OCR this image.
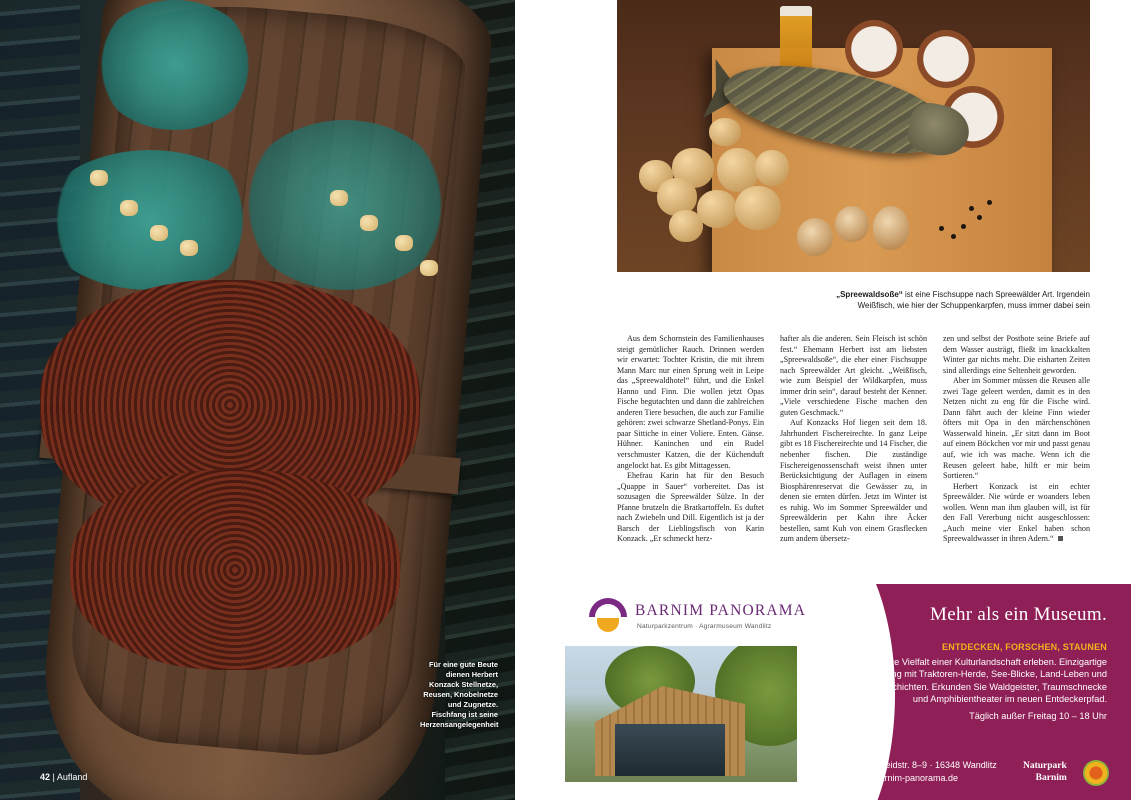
Für eine gute Beute dienen Herbert Konzack Stellnetze, Reusen, Knobelnetze und Zugnetze. Fischfang ist seine Herzensangelegenheit
42 | Aufland
„Spreewaldsoße“ ist eine Fischsuppe nach Spreewälder Art. Irgendein Weißfisch, wie hier der Schuppenkarpfen, muss immer dabei sein

Aus dem Schornstein des Familienhauses steigt gemütlicher Rauch. Drinnen werden wir erwartet: Tochter Kristin, die mit ihrem Mann Marc nur einen Sprung weit in Leipe das „Spreewaldhotel“ führt, und die Enkel Hanno und Finn. Die wollen jetzt Opas Fische begutachten und dann die zahlreichen anderen Tiere besuchen, die auch zur Familie gehören: zwei schwarze Shetland-Ponys. Ein paar Sittiche in einer Voliere. Enten. Gänse. Hühner. Kaninchen und ein Rudel verschmuster Katzen, die der Küchenduft angelockt hat. Es gibt Mittagessen.

Ehefrau Karin hat für den Besuch „Quappe in Sauer“ vorbereitet. Das ist sozusagen die Spreewälder Sülze. In der Pfanne brutzeln die Bratkartoffeln. Es duftet nach Zwiebeln und Dill. Eigentlich ist ja der Barsch der Lieblingsfisch von Karin Konzack. „Er schmeckt herz-

hafter als die anderen. Sein Fleisch ist schön fest.“ Ehemann Herbert isst am liebsten „Spreewaldsoße“, die eher einer Fischsuppe nach Spreewälder Art gleicht. „Weißfisch, wie zum Beispiel der Wildkarpfen, muss immer drin sein“, darauf besteht der Kenner. „Viele verschiedene Fische machen den guten Geschmack.“

Auf Konzacks Hof liegen seit dem 18. Jahrhundert Fischereirechte. In ganz Leipe gibt es 18 Fischereirechte und 14 Fischer, die nebenher fischen. Die zuständige Fischereigenossenschaft weist ihnen unter Berücksichtigung der Auflagen in einem Biosphärenreservat die Gewässer zu, in denen sie ernten dürfen. Jetzt im Winter ist es ruhig. Wo im Sommer Spreewälder und Spreewälderin per Kahn ihre Äcker bestellen, samt Kuh von einem Grasflecken zum andern übersetz-

zen und selbst der Postbote seine Briefe auf dem Wasser austrägt, fließt im knackkalten Winter gar nichts mehr. Die eisharten Zeiten sind allerdings eine Seltenheit geworden.

Aber im Sommer müssen die Reusen alle zwei Tage geleert werden, damit es in den Netzen nicht zu eng für die Fische wird. Dann fährt auch der kleine Finn wieder öfters mit Opa in den märchenschönen Wasserwald hinein. „Er sitzt dann im Boot auf einem Böckchen vor mir und passt genau auf, wie ich was mache. Wenn ich die Reusen geleert habe, hilft er mir beim Sortieren.“

Herbert Konzack ist ein echter Spreewälder. Nie würde er woanders leben wollen. Wenn man ihm glauben will, ist für den Fall Vererbung nicht ausgeschlossen: „Auch meine vier Enkel haben schon Spreewaldwasser in ihren Adern.“

BARNIM PANORAMA
Naturparkzentrum · Agrarmuseum Wandlitz
Mehr als ein Museum.
ENTDECKEN, FORSCHEN, STAUNEN
Die ganze Vielfalt einer Kulturlandschaft erleben. Einzigartige Ausstellung mit Traktoren-Herde, See-Blicke, Land-Leben und Barnim-Geschichten. Erkunden Sie Waldgeister, Traumschnecke und Amphibientheater im neuen Entdeckerpfad.
Täglich außer Freitag 10 – 18 Uhr
Breitscheidstr. 8–9 · 16348 Wandlitz
www.barnim-panorama.de
Naturpark
Barnim
